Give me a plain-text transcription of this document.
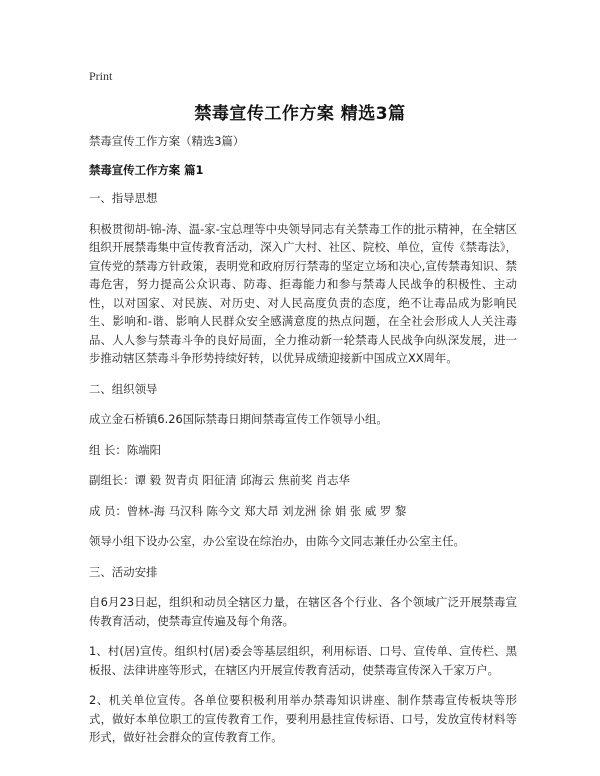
Print
禁毒宣传工作方案 精选3篇

禁毒宣传工作方案（精选3篇）

禁毒宣传工作方案 篇1

一、指导思想

积极贯彻胡-锦-涛、温-家-宝总理等中央领导同志有关禁毒工作的批示精神，在全辖区组织开展禁毒集中宣传教育活动，深入广大村、社区、院校、单位，宣传《禁毒法》，宣传党的禁毒方针政策，表明党和政府厉行禁毒的坚定立场和决心,宣传禁毒知识、禁毒危害，努力提高公众识毒、防毒、拒毒能力和参与禁毒人民战争的积极性、主动性，以对国家、对民族、对历史、对人民高度负责的态度，绝不让毒品成为影响民生、影响和-谐、影响人民群众安全感满意度的热点问题，在全社会形成人人关注毒品、人人参与禁毒斗争的良好局面，全力推动新一轮禁毒人民战争向纵深发展，进一步推动辖区禁毒斗争形势持续好转，以优异成绩迎接新中国成立XX周年。

二、组织领导

成立金石桥镇6.26国际禁毒日期间禁毒宣传工作领导小组。

组 长：陈端阳

副组长：谭 毅 贺青贞 阳征清 邱海云 焦前奖 肖志华

成 员：曾林-海 马汉科 陈今文 郑大昂 刘龙洲 徐 娟 张 威 罗 黎

领导小组下设办公室，办公室设在综治办，由陈今文同志兼任办公室主任。

三、活动安排

自6月23日起，组织和动员全辖区力量，在辖区各个行业、各个领域广泛开展禁毒宣传教育活动，使禁毒宣传遍及每个角落。

1、村(居)宣传。组织村(居)委会等基层组织，利用标语、口号、宣传单、宣传栏、黑板报、法律讲座等形式，在辖区内开展宣传教育活动，使禁毒宣传深入千家万户。

2、机关单位宣传。各单位要积极利用举办禁毒知识讲座、制作禁毒宣传板块等形式，做好本单位职工的宣传教育工作，要利用悬挂宣传标语、口号，发放宣传材料等形式，做好社会群众的宣传教育工作。
